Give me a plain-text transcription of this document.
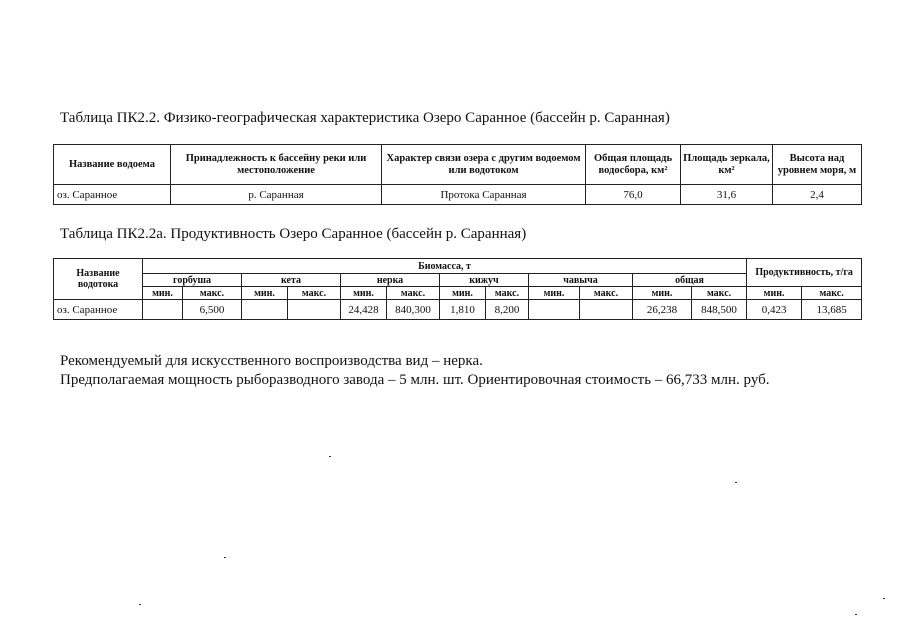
Таблица ПК2.2. Физико-географическая характеристика Озеро Саранное (бассейн р. Саранная)
Название водоема	Принадлежность к бассейну реки или местоположение	Характер связи озера с другим водоемом или водотоком	Общая площадь водосбора, км²	Площадь зеркала, км²	Высота над уровнем моря, м
оз. Саранное	р. Саранная	Протока Саранная	76,0	31,6	2,4
Таблица ПК2.2а. Продуктивность Озеро Саранное (бассейн р. Саранная)
Название водотока	Биомасса, т												Продуктивность, т/га	
	горбуша		кета		нерка		кижуч		чавыча		общая			
	мин.	макс.	мин.	макс.	мин.	макс.	мин.	макс.	мин.	макс.	мин.	макс.	мин.	макс.
оз. Саранное		6,500			24,428	840,300	1,810	8,200			26,238	848,500	0,423	13,685
Рекомендуемый для искусственного воспроизводства вид – нерка.
Предполагаемая мощность рыборазводного завода – 5 млн. шт. Ориентировочная стоимость – 66,733 млн. руб.
